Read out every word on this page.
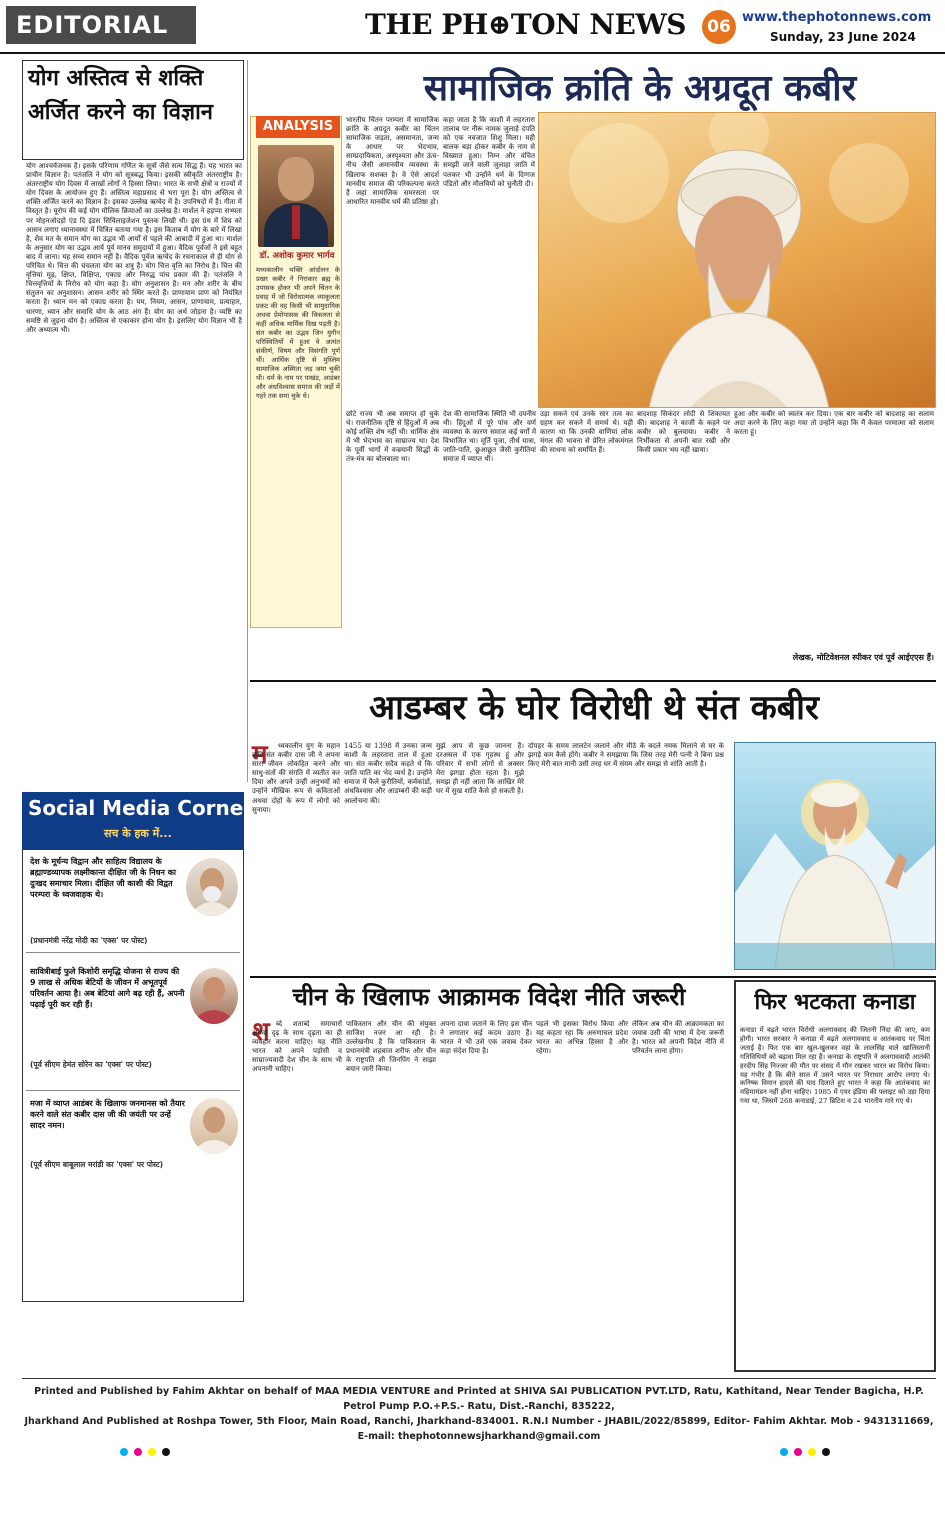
EDITORIAL	THE PH⊕TON NEWS	06 www.thephotonnews.com
Sunday, 23 June 2024
योग अस्तित्व से शक्ति अर्जित करने का विज्ञान
योग आश्चर्यजनक है। इसके परिणाम गणित के सूत्रों जैसे सत्य सिद्ध हैं। यह भारत का प्राचीन विज्ञान है। पतंजलि ने योग को सूत्रबद्ध किया। इसकी स्वीकृति अंतरराष्ट्रीय है। अंतरराष्ट्रीय योग दिवस में लाखों लोगों ने हिस्सा लिया। भारत के सभी क्षेत्रों व राज्यों में योग दिवस के आयोजन हुए हैं। अस्तित्व महाप्रसाद से भरा पूरा है। योग अस्तित्व से शक्ति अर्जित करने का विज्ञान है। इसका उल्लेख ऋग्वेद में है। उपनिषदों में है। गीता में विस्तृत है। यूरोप की कई योग मौलिक क्रियाओं का उल्लेख है। मार्शल ने हड़प्पा सभ्यता पर मोहनजोदड़ो एंड दि इंडस सिविलाइजेशन पुस्तक लिखी थी। इस ग्रंथ में शिव को आसन लगाए ध्यानावस्था में चित्रित बताया गया है। इस किताब में योग के बारे में लिखा है, शैव मत के समान योग का उद्भव भी आर्यों से पहले की आबादी में हुआ था। मार्शल के अनुसार योग का उद्भव आर्य पूर्व मानव समुदायों में हुआ। वैदिक पूर्वजों ने इसे बहुत बाद में जाना। यह सच्य समान नहीं है। वैदिक पूर्वज ऋग्वेद के रचनाकाल से ही योग से परिचित थे। चित्त की चंचलता योग का शत्रु है। योग चित्त वृत्ति का निरोध है। चित्त की वृत्तियां मूढ़, क्षिप्त, विक्षिप्त, एकाग्र और निरुद्ध पांच प्रकार की हैं। पतंजलि ने चित्तवृत्तियों के निरोध को योग कहा है। योग अनुशासन है। मन और शरीर के बीच संतुलन का अनुशासन। आसन शरीर को स्थिर करते हैं। प्राणायाम प्राण को नियंत्रित करता है। ध्यान मन को एकाग्र करता है। यम, नियम, आसन, प्राणायाम, प्रत्याहार, धारणा, ध्यान और समाधि योग के आठ अंग हैं। योग का अर्थ जोड़ना है। व्यष्टि का समष्टि से जुड़ना योग है। अस्तित्व से एकाकार होना योग है। इसलिए योग विज्ञान भी है और अध्यात्म भी।
ANALYSIS
डॉ. अशोक कुमार भार्गव
मध्यकालीन भक्ति आंदोलन के प्रखर कबीर ने निराकार ब्रह्म के उपासक होकर भी अपने चिंतन के प्रवाह में जो विरोधात्मक व्याकुलता प्रकट की वह किसी भी सामुदायिक अथवा प्रेमोपासक की विकलता से कहीं अधिक मार्मिक दिख पड़ती है। संत कबीर का उद्भव जिन युगीन परिस्थितियों में हुआ वे अत्यंत संकीर्ण, विषम और विसंगति पूर्ण थीं। आर्थिक दृष्टि से मुस्लिम सामाजिक अस्मिता जड़ जमा चुकी थी। धर्म के नाम पर पाखंड, आडंबर और अंधविश्वास समाज की जड़ों में गहरे तक समा चुके थे।
सामाजिक क्रांति के अग्रदूत कबीर
भारतीय चिंतन परम्परा में सामाजिक क्रांति के अग्रदूत कबीर का चिंतन सामाजिक जड़ता, असमानता, जन्म के आधार पर भेदभाव, साम्प्रदायिकता, अस्पृश्यता और ऊंच-नीच जैसी अमानवीय व्यवस्था के खिलाफ सशक्त है। वे ऐसे आदर्श मानवीय समाज की परिकल्पना करते हैं जहां सामाजिक समरसता पर आधारित मानवीय धर्म की प्रतिष्ठा हो।
कहा जाता है कि काशी में लहरतारा तालाब पर नीरू नामक जुलाहे दंपति को एक नवजात शिशु मिला। यही बालक बड़ा होकर कबीर के नाम से विख्यात हुआ। निम्न और वंचित समझी जाने वाली जुलाहा जाति में पलकर भी उन्होंने धर्म के दिग्गज पंडितों और मौलवियों को चुनौती दी।
छोटे राज्य भी अब समाप्त हो चुके थे। राजनीतिक दृष्टि से हिंदुओं में अब कोई शक्ति शेष नहीं थी। धार्मिक क्षेत्र में भी भेदभाव का साम्राज्य था। देश के पूर्वी भागों में वज्रयानी सिद्धों के तंत्र-मंत्र का बोलबाला था।
देश की सामाजिक स्थिति भी दयनीय थी। हिंदुओं में पूरे पांच और वर्ण व्यवस्था के कारण समाज कई वर्गों में विभाजित था। मूर्ति पूजा, तीर्थ यात्रा, जाति-पाति, छुआछूत जैसी कुरीतियां समाज में व्याप्त थीं।
उड़ा सकने एवं उनके सार तत्व का ग्रहण कर सकने में समर्थ थे। यही कारण था कि उनकी वाणियां लोक मंगल की भावना से प्रेरित लोकमंगल की साधना को समर्पित हैं।
बादशाह सिकंदर लोदी से शिकायत की। बादशाह ने काजी के कहने पर कबीर को बुलवाया। कबीर ने निर्भीकता से अपनी बात रखी और किसी प्रकार भय नहीं खाया।
हुआ और कबीर को स्वतंत्र कर दिया। एक बार कबीर को बादशाह का सलाम अदा करने के लिए कहा गया तो उन्होंने कहा कि मैं केवल परमात्मा को सलाम करता हूं।
लेखक, मोटिवेशनल स्पीकर एवं पूर्व आईएएस हैं।
आडम्बर के घोर विरोधी थे संत कबीर
म	ध्यकालीन युग के महान कवि संत कबीर दास जी ने अपना सारा जीवन लोकहित करने और साधु-संतों की संगति में व्यतीत कर दिया और अपने उन्हीं अनुभवों को उन्होंने मौखिक रूप से कविताओं अथवा दोहों के रूप में लोगों को सुनाया।
1455 या 1398 में उनका जन्म काशी के लहरतारा ताल में हुआ था। संत कबीर सदैव कहते थे कि जाति पाति का भेद व्यर्थ है। उन्होंने समाज में फैले कुरीतियों, कर्मकांडों, अंधविश्वास और आडम्बरों की कड़ी आलोचना की।
मुझे आप से कुछ जानना है। दरअसल में एक गृहस्थ हूं और परिवार में सभी लोगों से अक्सर मेरा झगड़ा होता रहता है। मुझे समझ ही नहीं आता कि आखिर मेरे घर में सुख शांति कैसे हो सकती है।
दोपहर के समय लालटेन जलाने और मीठे के बदले नमक मिलाने से घर के झगड़े कम कैसे होंगे। कबीर ने समझाया कि जिस तरह मेरी पत्नी ने बिना प्रश्न किए मेरी बात मानी उसी तरह घर में संयम और समझ से शांति आती है।
Social Media Corner
सच के हक में...
देश के मूर्धन्य विद्वान और साहित्य विद्यालय के ब्रह्माण्डव्यापक लक्ष्मीकान्त दीक्षित जी के निधन का दुःखद समाचार मिला। दीक्षित जी काशी की विद्वत परम्परा के ध्वजवाहक थे।
(प्रधानमंत्री नरेंद्र मोदी का 'एक्स' पर पोस्ट)
सावित्रीबाई फुले किशोरी समृद्धि योजना से राज्य की 9 लाख से अधिक बेटियों के जीवन में अभूतपूर्व परिवर्तन आया है। अब बेटियां आगे बढ़ रही हैं, अपनी पढ़ाई पूरी कर रही हैं।
(पूर्व सीएम हेमंत सोरेन का 'एक्स' पर पोस्ट)
मजा में व्याप्त आडंबर के खिलाफ जनमानस को तैयार करने वाले संत कबीर दास जी की जयंती पर उन्हें सादर नमन।
(पूर्व सीएम बाबूलाल मरांडी का 'एक्स' पर पोस्ट)
चीन के खिलाफ आक्रामक विदेश नीति जरूरी
श ब्दे शताब्दे समाचारों अथवा दृढ़ के साथ दृढ़ता का ही व्यवहार करना चाहिए। यह नीति भारत को अपने पड़ोसी व साम्राज्यवादी देश चीन के साथ भी अपनानी चाहिए।
पाकिस्तान और चीन की संयुक्त साजिश नजर आ रही है। उल्लेखनीय है कि पाकिस्तान के प्रधानमंत्री शहबाज शरीफ और चीन के राष्ट्रपति शी जिनपिंग ने साझा बयान जारी किया।
अपना दावा जताने के लिए इस चीन ने लगातार कई कदम उठाए हैं। भारत ने भी उसे एक जवाब देकर कड़ा संदेश दिया है।
पहले भी इसका विरोध किया और यह कहता रहा कि अरुणाचल प्रदेश भारत का अभिन्न हिस्सा है और रहेगा।
लेकिन अब चीन की आक्रामकता का जवाब उसी की भाषा में देना जरूरी है। भारत को अपनी विदेश नीति में परिवर्तन लाना होगा।
फिर भटकता कनाडा
कनाडा में बढ़ते भारत विरोधी अलगाववाद की जितनी निंदा की जाए, कम होगी। भारत सरकार ने कनाडा में बढ़ते अलगाववाद व आतंकवाद पर चिंता जताई है। फिर एक बार खुल-खुलकर वहां के लालसिंह वाले खालिस्तानी गतिविधियों को बढ़ावा मिल रहा है। कनाडा के राष्ट्रपति ने अलगाववादी आतंकी हरदीप सिंह निज्जर की मौत पर संसद में मौन रखकर भारत का विरोध किया। यह गंभीर है कि बीते साल में उसने भारत पर निराधार आरोप लगाए थे। कनिष्क विमान हादसे की याद दिलाते हुए भारत ने कहा कि आतंकवाद का महिमामंडन नहीं होना चाहिए। 1985 में एयर इंडिया की फ्लाइट को उड़ा दिया गया था, जिसमें 268 कनाडाई, 27 ब्रिटिश व 24 भारतीय मारे गए थे।
Printed and Published by Fahim Akhtar on behalf of MAA MEDIA VENTURE and Printed at SHIVA SAI PUBLICATION PVT.LTD, Ratu, Kathitand, Near Tender Bagicha, H.P. Petrol Pump P.O.+P.S.- Ratu, Dist.-Ranchi, 835222,
Jharkhand And Published at Roshpa Tower, 5th Floor, Main Road, Ranchi, Jharkhand-834001. R.N.I Number - JHABIL/2022/85899, Editor- Fahim Akhtar. Mob - 9431311669, E-mail: thephotonnewsjharkhand@gmail.com
